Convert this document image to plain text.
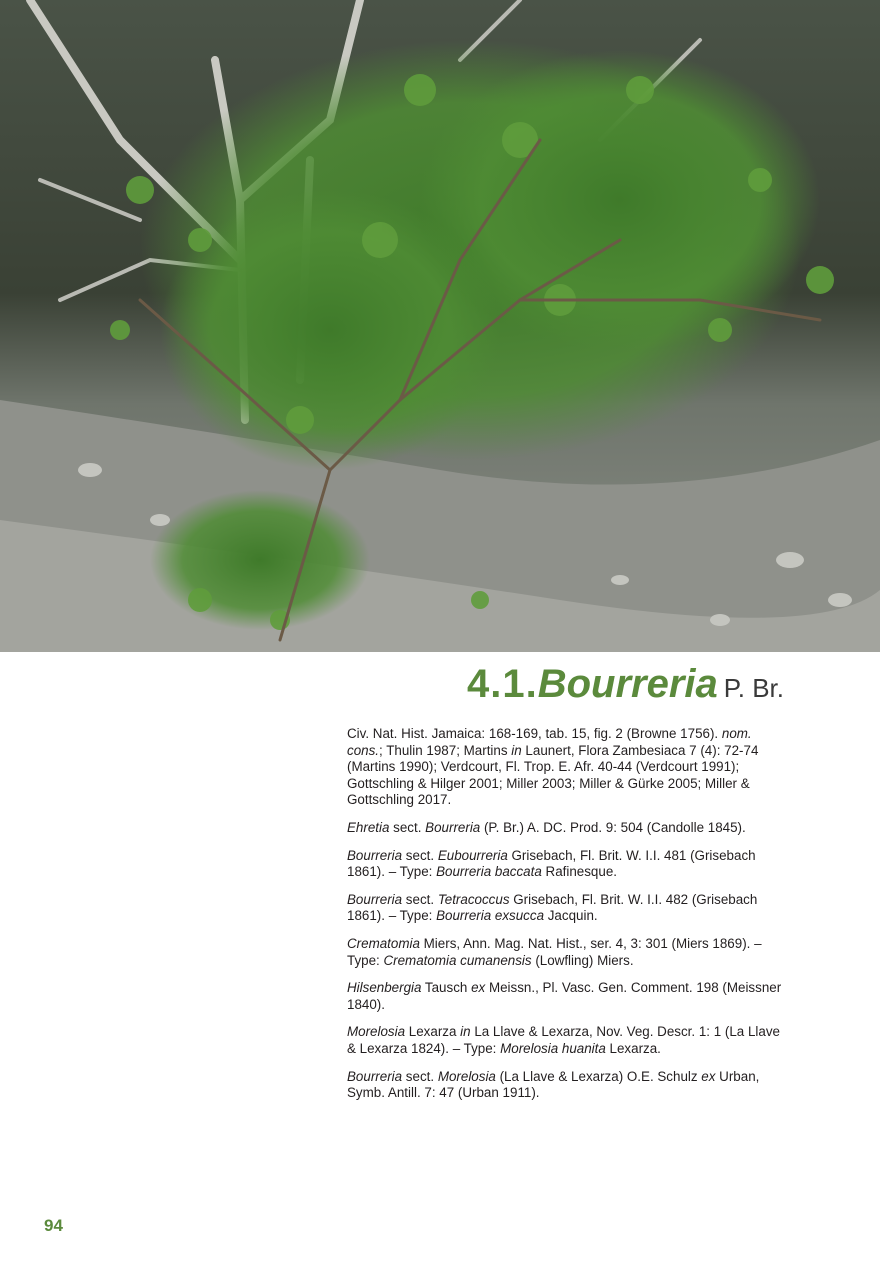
4.1.Bourreria P. Br.

Civ. Nat. Hist. Jamaica: 168-169, tab. 15, fig. 2 (Browne 1756). nom. cons.; Thulin 1987; Martins in Launert, Flora Zambesiaca 7 (4): 72-74 (Martins 1990); Verdcourt, Fl. Trop. E. Afr. 40-44 (Verdcourt 1991); Gottschling & Hilger 2001; Miller 2003; Miller & Gürke 2005; Miller & Gottschling 2017.

Ehretia sect. Bourreria (P. Br.) A. DC. Prod. 9: 504 (Candolle 1845).

Bourreria sect. Eubourreria Grisebach, Fl. Brit. W. I.I. 481 (Grisebach 1861). – Type: Bourreria baccata Rafinesque.

Bourreria sect. Tetracoccus Grisebach, Fl. Brit. W. I.I. 482 (Grisebach 1861). – Type: Bourreria exsucca Jacquin.

Crematomia Miers, Ann. Mag. Nat. Hist., ser. 4, 3: 301 (Miers 1869). – Type: Crematomia cumanensis (Lowfling) Miers.

Hilsenbergia Tausch ex Meissn., Pl. Vasc. Gen. Comment. 198 (Meissner 1840).

Morelosia Lexarza in La Llave & Lexarza, Nov. Veg. Descr. 1: 1 (La Llave & Lexarza 1824). – Type: Morelosia huanita Lexarza.

Bourreria sect. Morelosia (La Llave & Lexarza) O.E. Schulz ex Urban, Symb. Antill. 7: 47 (Urban 1911).

94
